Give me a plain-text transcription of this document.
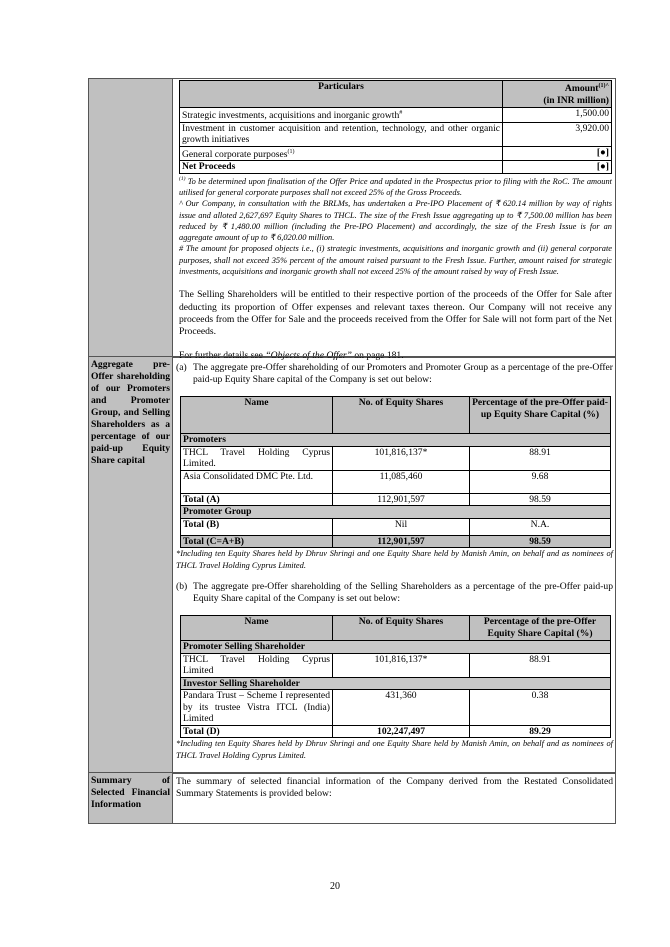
Particulars	Amount$^{(1)\^{}}$
(in INR million)
Strategic investments, acquisitions and inorganic growth#	1,500.00
Investment in customer acquisition and retention, technology, and other organic growth initiatives	3,920.00
General corporate purposes$^{(1)}$	[●]
Net Proceeds	[●]
$^{(1)}$ To be determined upon finalisation of the Offer Price and updated in the Prospectus prior to filing with the RoC. The amount utilised for general corporate purposes shall not exceed 25% of the Gross Proceeds.
^ Our Company, in consultation with the BRLMs, has undertaken a Pre-IPO Placement of ₹ 620.14 million by way of rights issue and alloted 2,627,697 Equity Shares to THCL. The size of the Fresh Issue aggregating up to ₹ 7,500.00 million has been reduced by ₹ 1,480.00 million (including the Pre-IPO Placement) and accordingly, the size of the Fresh Issue is for an aggregate amount of up to ₹ 6,020.00 million.
# The amount for proposed objects i.e., (i) strategic investments, acquisitions and inorganic growth and (ii) general corporate purposes, shall not exceed 35% percent of the amount raised pursuant to the Fresh Issue. Further, amount raised for strategic investments, acquisitions and inorganic growth shall not exceed 25% of the amount raised by way of Fresh Issue.

The Selling Shareholders will be entitled to their respective portion of the proceeds of the Offer for Sale after deducting its proportion of Offer expenses and relevant taxes thereon. Our Company will not receive any proceeds from the Offer for Sale and the proceeds received from the Offer for Sale will not form part of the Net Proceeds.

For further details see “Objects of the Offer” on page 181.

Aggregate pre-Offer shareholding of our Promoters and Promoter Group, and Selling Shareholders as a percentage of our paid-up Equity Share capital
(a) The aggregate pre-Offer shareholding of our Promoters and Promoter Group as a percentage of the pre-Offer paid-up Equity Share capital of the Company is set out below:

Name	No. of Equity Shares	Percentage of the pre-Offer paid-up Equity Share Capital (%)
Promoters		
THCL Travel Holding Cyprus Limited.	101,816,137*	88.91
Asia Consolidated DMC Pte. Ltd.	11,085,460	9.68
Total (A)	112,901,597	98.59
Promoter Group		
Total (B)	Nil	N.A.
Total (C=A+B)	112,901,597	98.59
*Including ten Equity Shares held by Dhruv Shringi and one Equity Share held by Manish Amin, on behalf and as nominees of THCL Travel Holding Cyprus Limited.
(b) The aggregate pre-Offer shareholding of the Selling Shareholders as a percentage of the pre-Offer paid-up Equity Share capital of the Company is set out below:

Name	No. of Equity Shares	Percentage of the pre-Offer Equity Share Capital (%)
Promoter Selling Shareholder		
THCL Travel Holding Cyprus Limited	101,816,137*	88.91
Investor Selling Shareholder		
Pandara Trust – Scheme I represented by its trustee Vistra ITCL (India) Limited	431,360	0.38
Total (D)	102,247,497	89.29
*Including ten Equity Shares held by Dhruv Shringi and one Equity Share held by Manish Amin, on behalf and as nominees of THCL Travel Holding Cyprus Limited.
Summary of Selected Financial Information

The summary of selected financial information of the Company derived from the Restated Consolidated Summary Statements is provided below:

20
